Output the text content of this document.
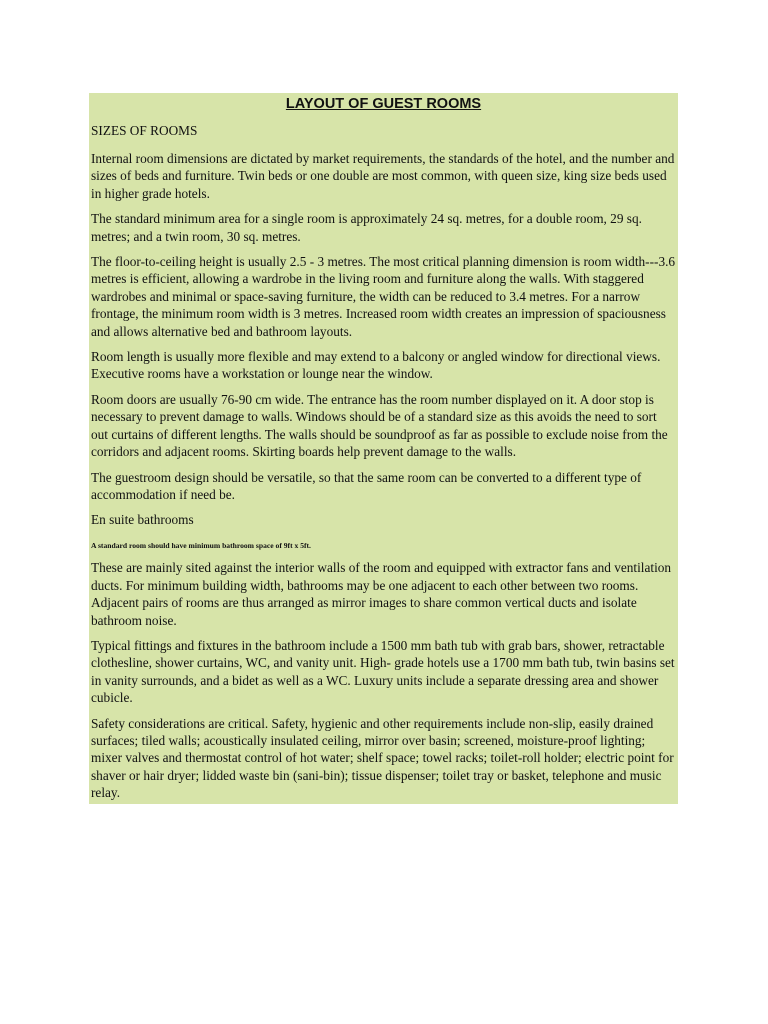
LAYOUT OF GUEST ROOMS
SIZES OF ROOMS

Internal room dimensions are dictated by market requirements, the standards of the hotel, and the number and sizes of beds and furniture. Twin beds or one double are most common, with queen size, king size beds used in higher grade hotels.

The standard minimum area for a single room is approximately 24 sq. metres, for a double room, 29 sq. metres; and a twin room, 30 sq. metres.

The floor-to-ceiling height is usually 2.5 - 3 metres. The most critical planning dimension is room width---3.6 metres is efficient, allowing a wardrobe in the living room and furniture along the walls. With staggered wardrobes and minimal or space-saving furniture, the width can be reduced to 3.4 metres. For a narrow frontage, the minimum room width is 3 metres. Increased room width creates an impression of spaciousness and allows alternative bed and bathroom layouts.

Room length is usually more flexible and may extend to a balcony or angled window for directional views. Executive rooms have a workstation or lounge near the window.

Room doors are usually 76-90 cm wide. The entrance has the room number displayed on it. A door stop is necessary to prevent damage to walls. Windows should be of a standard size as this avoids the need to sort out curtains of different lengths. The walls should be soundproof as far as possible to exclude noise from the corridors and adjacent rooms. Skirting boards help prevent damage to the walls.

The guestroom design should be versatile, so that the same room can be converted to a different type of accommodation if need be.

En suite bathrooms
A standard room should have minimum bathroom space of 9ft x 5ft.

These are mainly sited against the interior walls of the room and equipped with extractor fans and ventilation ducts. For minimum building width, bathrooms may be one adjacent to each other between two rooms. Adjacent pairs of rooms are thus arranged as mirror images to share common vertical ducts and isolate bathroom noise.

Typical fittings and fixtures in the bathroom include a 1500 mm bath tub with grab bars, shower, retractable clothesline, shower curtains, WC, and vanity unit. High- grade hotels use a 1700 mm bath tub, twin basins set in vanity surrounds, and a bidet as well as a WC. Luxury units include a separate dressing area and shower cubicle.

Safety considerations are critical. Safety, hygienic and other requirements include non-slip, easily drained surfaces; tiled walls; acoustically insulated ceiling, mirror over basin; screened, moisture-proof lighting; mixer valves and thermostat control of hot water; shelf space; towel racks; toilet-roll holder; electric point for shaver or hair dryer; lidded waste bin (sani-bin); tissue dispenser; toilet tray or basket, telephone and music relay.
